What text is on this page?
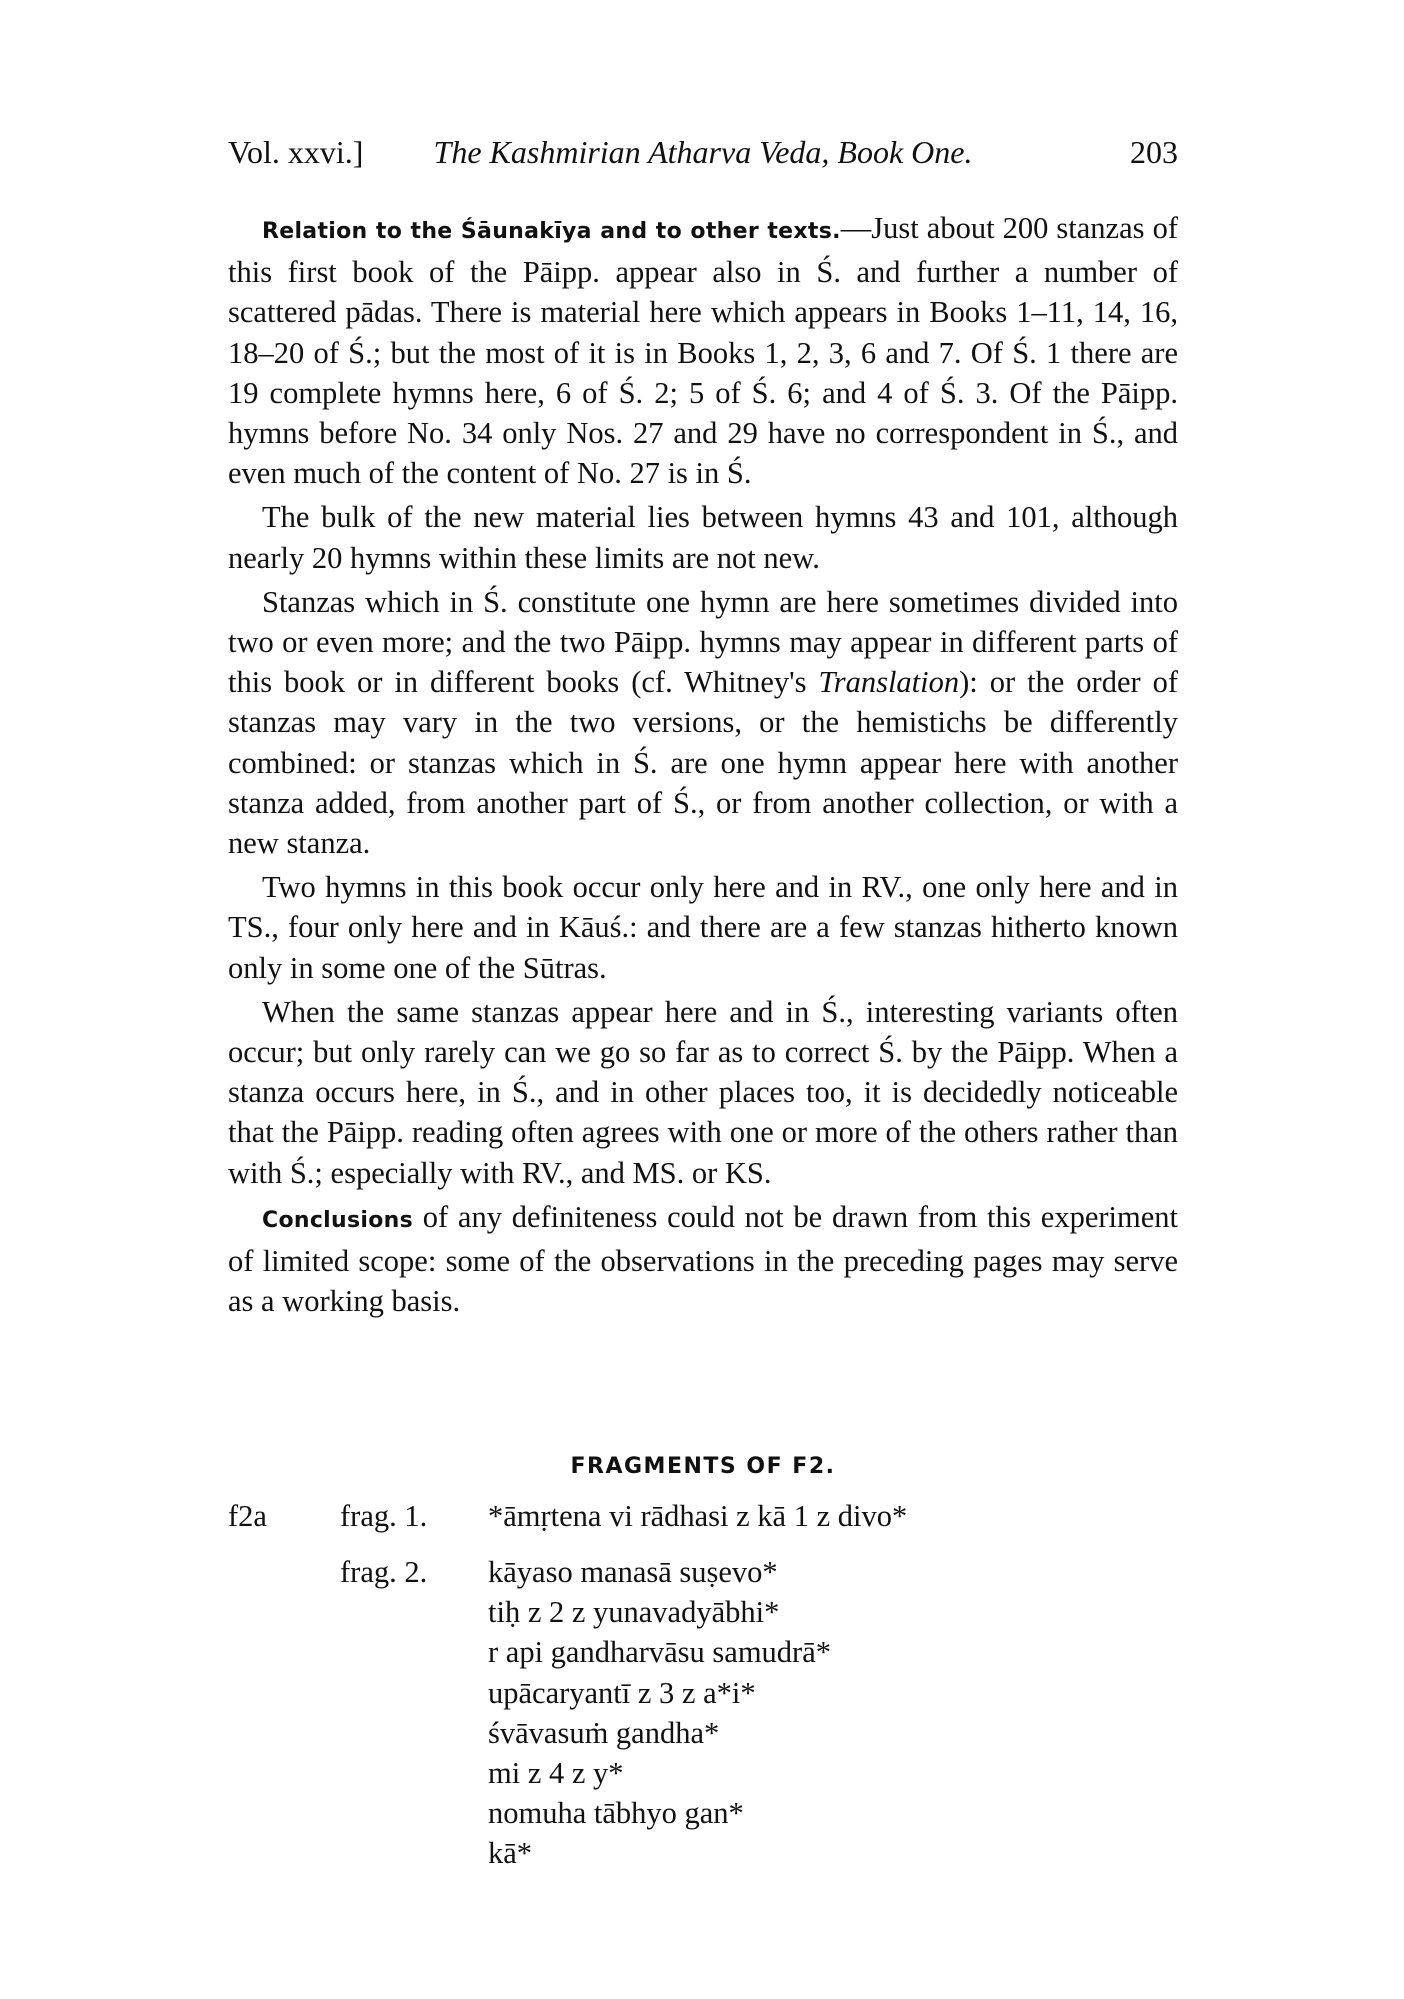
Vol. xxvi.]	The Kashmirian Atharva Veda, Book One.	203

Relation to the Śāunakīya and to other texts.—Just about 200 stanzas of this first book of the Pāipp. appear also in Ś. and further a number of scattered pādas. There is material here which appears in Books 1–11, 14, 16, 18–20 of Ś.; but the most of it is in Books 1, 2, 3, 6 and 7. Of Ś. 1 there are 19 complete hymns here, 6 of Ś. 2; 5 of Ś. 6; and 4 of Ś. 3. Of the Pāipp. hymns before No. 34 only Nos. 27 and 29 have no correspondent in Ś., and even much of the content of No. 27 is in Ś.

The bulk of the new material lies between hymns 43 and 101, although nearly 20 hymns within these limits are not new.

Stanzas which in Ś. constitute one hymn are here sometimes divided into two or even more; and the two Pāipp. hymns may appear in different parts of this book or in different books (cf. Whitney's Translation): or the order of stanzas may vary in the two versions, or the hemistichs be differently combined: or stanzas which in Ś. are one hymn appear here with another stanza added, from another part of Ś., or from another collection, or with a new stanza.

Two hymns in this book occur only here and in RV., one only here and in TS., four only here and in Kāuś.: and there are a few stanzas hitherto known only in some one of the Sūtras.

When the same stanzas appear here and in Ś., interesting variants often occur; but only rarely can we go so far as to correct Ś. by the Pāipp. When a stanza occurs here, in Ś., and in other places too, it is decidedly noticeable that the Pāipp. reading often agrees with one or more of the others rather than with Ś.; especially with RV., and MS. or KS.

Conclusions of any definiteness could not be drawn from this experiment of limited scope: some of the observations in the preceding pages may serve as a working basis.

FRAGMENTS OF F2.
f2a frag. 1. *āmṛtena vi rādhasi z kā 1 z divo*
frag. 2. kāyaso manasā suṣevo*
tiḥ z 2 z yunavadyābhi*
r api gandharvāsu samudrā*
upācaryantī z 3 z a*i*
śvāvasuṁ gandha*
mi z 4 z y*
nomuha tābhyo gan*
kā*
